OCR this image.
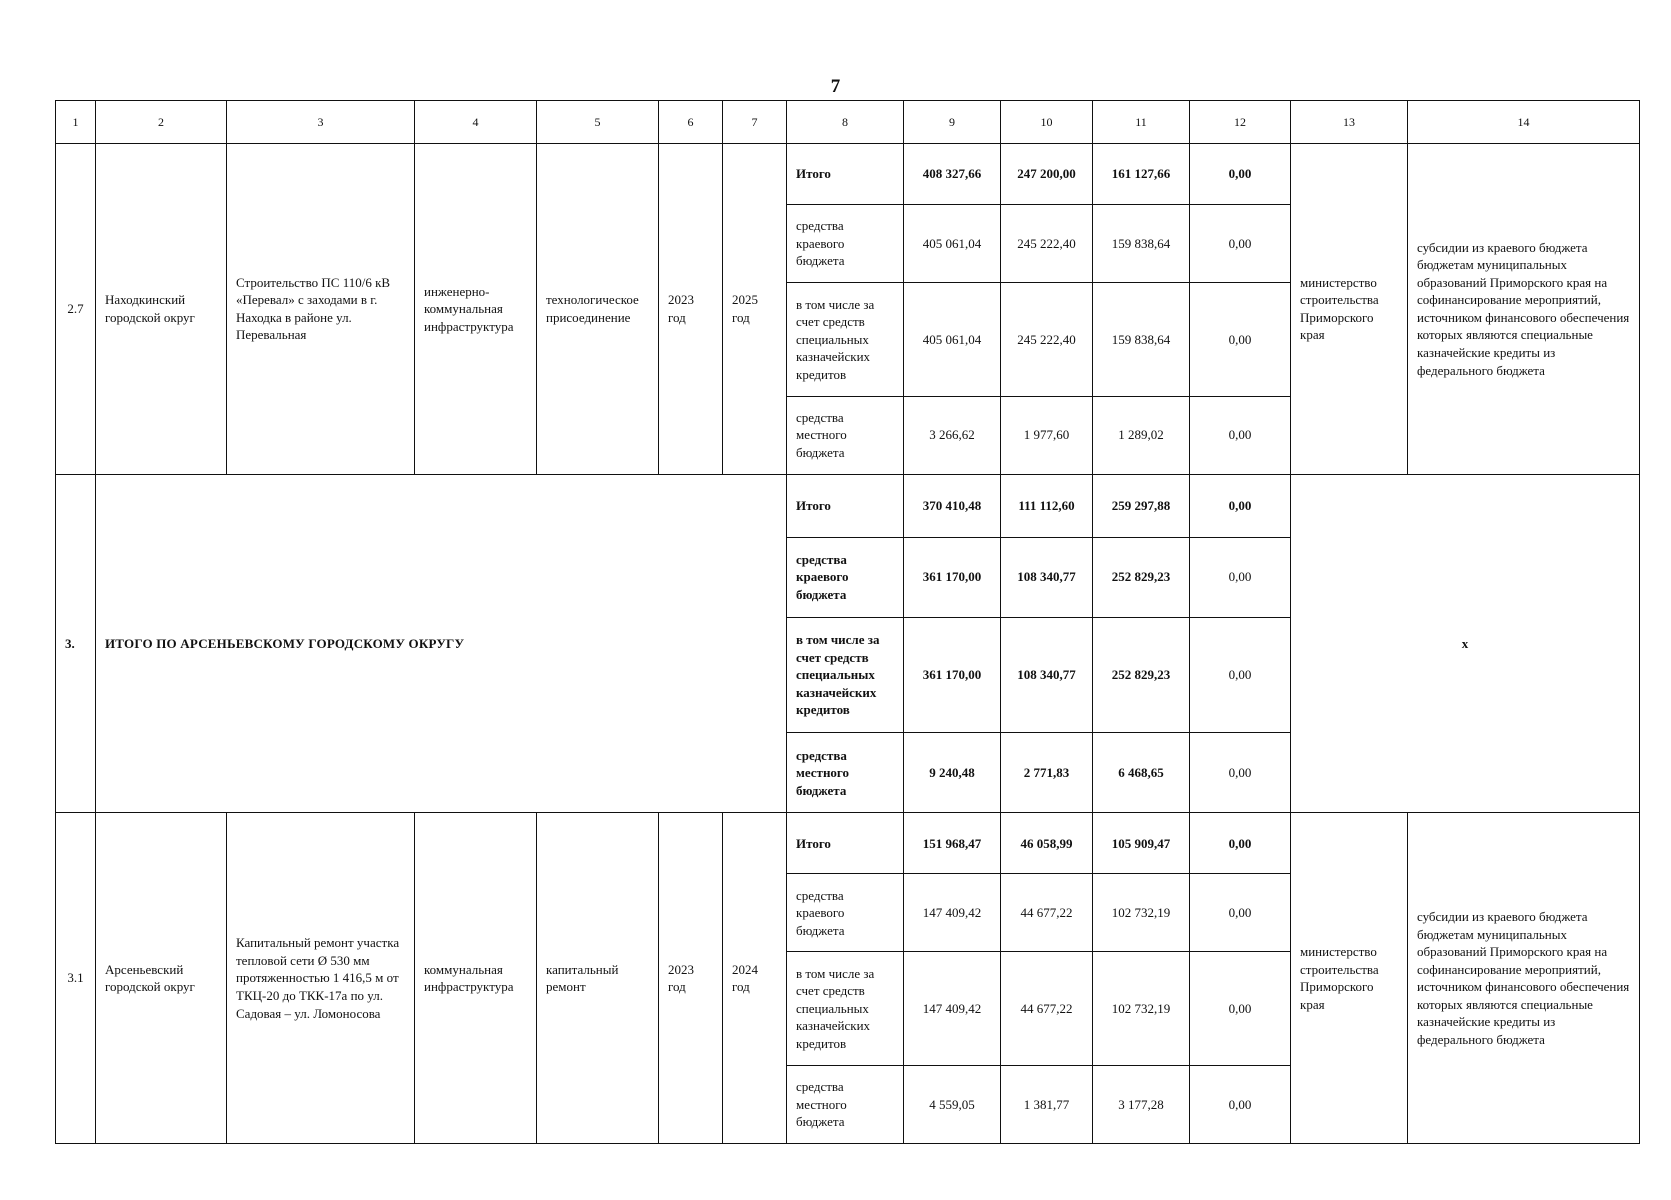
7
1	2	3	4	5	6	7	8	9	10	11	12	13	14
2.7	Находкинский городской округ	Строительство ПС 110/6 кВ «Перевал» с заходами в г. Находка в районе ул. Перевальная	инженерно-коммунальная инфраструктура	технологическое присоединение	2023 год	2025 год	Итого	408 327,66	247 200,00	161 127,66	0,00	министерство строительства Приморского края	субсидии из краевого бюджета бюджетам муниципальных образований Приморского края на софинансирование мероприятий, источником финансового обеспечения которых являются специальные казначейские кредиты из федерального бюджета
							средства краевого бюджета	405 061,04	245 222,40	159 838,64	0,00		
							в том числе за счет средств специальных казначейских кредитов	405 061,04	245 222,40	159 838,64	0,00		
							средства местного бюджета	3 266,62	1 977,60	1 289,02	0,00		
3.	ИТОГО ПО АРСЕНЬЕВСКОМУ ГОРОДСКОМУ ОКРУГУ						Итого	370 410,48	111 112,60	259 297,88	0,00	x	
							средства краевого бюджета	361 170,00	108 340,77	252 829,23	0,00		
							в том числе за счет средств специальных казначейских кредитов	361 170,00	108 340,77	252 829,23	0,00		
							средства местного бюджета	9 240,48	2 771,83	6 468,65	0,00		
3.1	Арсеньевский городской округ	Капитальный ремонт участка тепловой сети Ø 530 мм протяженностью 1 416,5 м от ТКЦ-20 до ТКК-17а по ул. Садовая – ул. Ломоносова	коммунальная инфраструктура	капитальный ремонт	2023 год	2024 год	Итого	151 968,47	46 058,99	105 909,47	0,00	министерство строительства Приморского края	субсидии из краевого бюджета бюджетам муниципальных образований Приморского края на софинансирование мероприятий, источником финансового обеспечения которых являются специальные казначейские кредиты из федерального бюджета
							средства краевого бюджета	147 409,42	44 677,22	102 732,19	0,00		
							в том числе за счет средств специальных казначейских кредитов	147 409,42	44 677,22	102 732,19	0,00		
							средства местного бюджета	4 559,05	1 381,77	3 177,28	0,00		
